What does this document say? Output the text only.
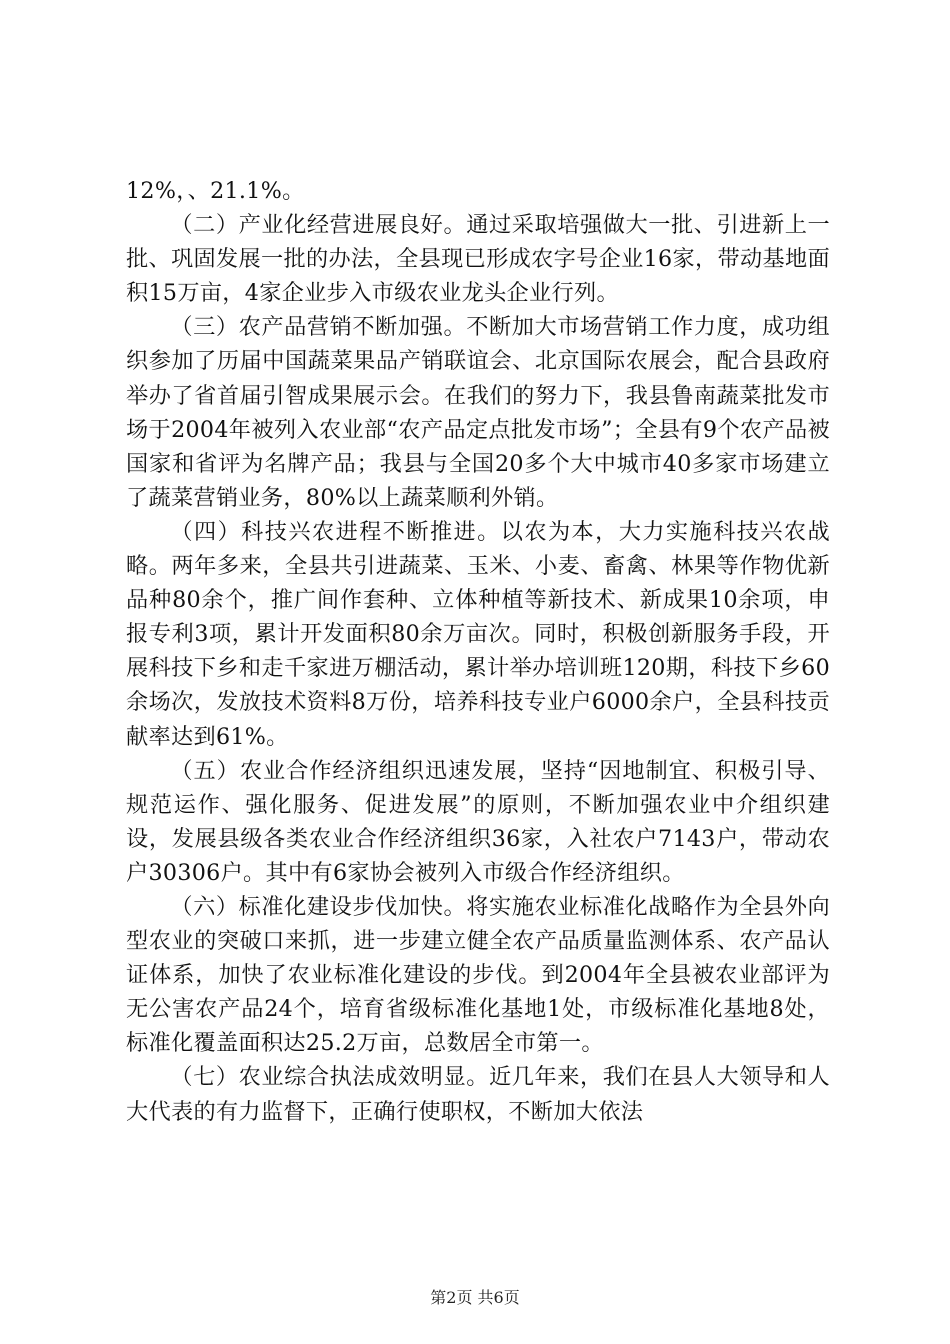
12%，、21.1%。

（二）产业化经营进展良好。通过采取培强做大一批、引进新上一批、巩固发展一批的办法，全县现已形成农字号企业16家，带动基地面积15万亩，4家企业步入市级农业龙头企业行列。

（三）农产品营销不断加强。不断加大市场营销工作力度，成功组织参加了历届中国蔬菜果品产销联谊会、北京国际农展会，配合县政府举办了省首届引智成果展示会。在我们的努力下，我县鲁南蔬菜批发市场于2004年被列入农业部“农产品定点批发市场”；全县有9个农产品被国家和省评为名牌产品；我县与全国20多个大中城市40多家市场建立了蔬菜营销业务，80%以上蔬菜顺利外销。

（四）科技兴农进程不断推进。以农为本，大力实施科技兴农战略。两年多来，全县共引进蔬菜、玉米、小麦、畜禽、林果等作物优新品种80余个，推广间作套种、立体种植等新技术、新成果10余项，申报专利3项，累计开发面积80余万亩次。同时，积极创新服务手段，开展科技下乡和走千家进万棚活动，累计举办培训班120期，科技下乡60余场次，发放技术资料8万份，培养科技专业户6000余户，全县科技贡献率达到61%。

（五）农业合作经济组织迅速发展，坚持“因地制宜、积极引导、规范运作、强化服务、促进发展”的原则，不断加强农业中介组织建设，发展县级各类农业合作经济组织36家，入社农户7143户，带动农户30306户。其中有6家协会被列入市级合作经济组织。

（六）标准化建设步伐加快。将实施农业标准化战略作为全县外向型农业的突破口来抓，进一步建立健全农产品质量监测体系、农产品认证体系，加快了农业标准化建设的步伐。到2004年全县被农业部评为无公害农产品24个，培育省级标准化基地1处，市级标准化基地8处，标准化覆盖面积达25.2万亩，总数居全市第一。

（七）农业综合执法成效明显。近几年来，我们在县人大领导和人大代表的有力监督下，正确行使职权，不断加大依法

第2页 共6页
